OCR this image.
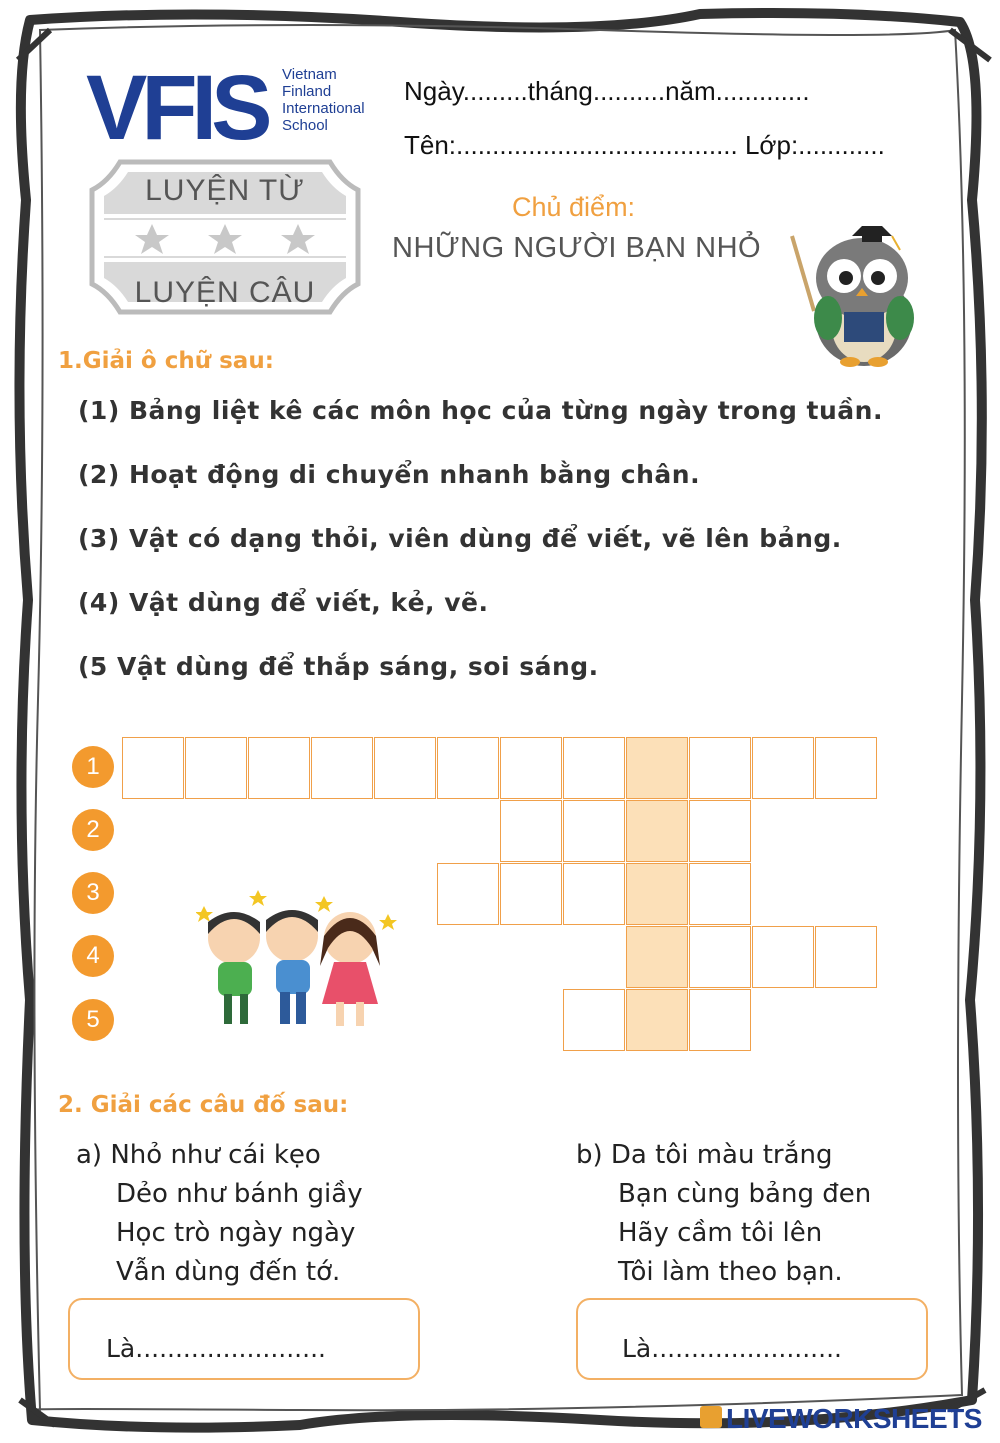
VFIS Vietnam
Finland
International
School
Ngày.........tháng..........năm.............
Tên:....................................... Lớp:............
LUYỆN TỪ
LUYỆN CÂU
Chủ điểm:
NHỮNG NGƯỜI BẠN NHỎ
1.Giải ô chữ sau:
(1) Bảng liệt kê các môn học của từng ngày trong tuần.
(2) Hoạt động di chuyển nhanh bằng chân.
(3) Vật có dạng thỏi, viên dùng để viết, vẽ lên bảng.
(4) Vật dùng để viết, kẻ, vẽ.
(5 Vật dùng để thắp sáng, soi sáng.
1
2
3
4
5
2. Giải các câu đố sau:
a) Nhỏ như cái kẹo
Dẻo như bánh giầy
Học trò ngày ngày
Vẫn dùng đến tớ.
b) Da tôi màu trắng
Bạn cùng bảng đen
Hãy cầm tôi lên
Tôi làm theo bạn.
Là........................	Là........................
LIVEWORKSHEETS
